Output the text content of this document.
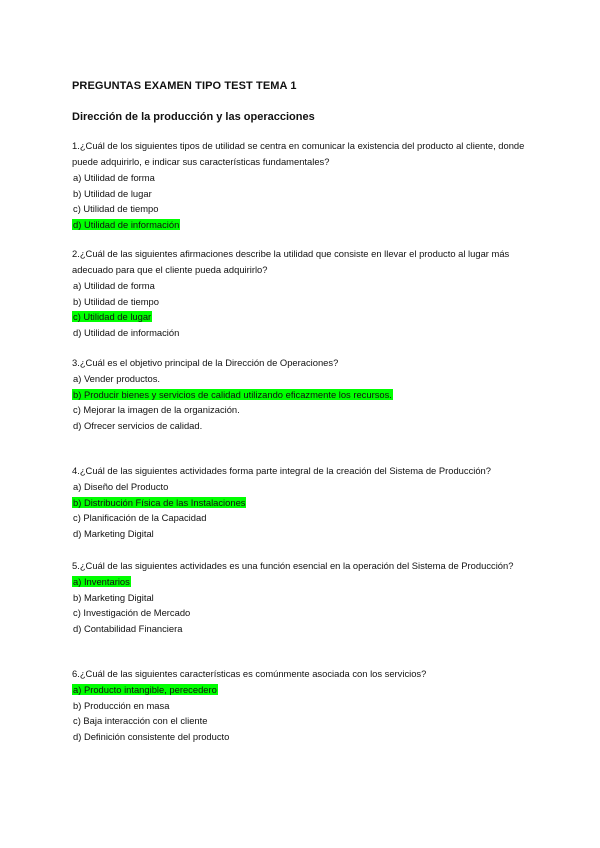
PREGUNTAS EXAMEN TIPO TEST TEMA 1
Dirección de la producción y las operacciones

1.¿Cuál de los siguientes tipos de utilidad se centra en comunicar la existencia del producto al cliente, donde puede adquirirlo, e indicar sus características fundamentales?

a) Utilidad de forma
b) Utilidad de lugar
c) Utilidad de tiempo
d) Utilidad de información

2.¿Cuál de las siguientes afirmaciones describe la utilidad que consiste en llevar el producto al lugar más adecuado para que el cliente pueda adquirirlo?

a) Utilidad de forma
b) Utilidad de tiempo
c) Utilidad de lugar
d) Utilidad de información

3.¿Cuál es el objetivo principal de la Dirección de Operaciones?

a) Vender productos.
b) Producir bienes y servicios de calidad utilizando eficazmente los recursos.
c) Mejorar la imagen de la organización.
d) Ofrecer servicios de calidad.

4.¿Cuál de las siguientes actividades forma parte integral de la creación del Sistema de Producción?

a) Diseño del Producto
b) Distribución Física de las Instalaciones
c) Planificación de la Capacidad
d) Marketing Digital

5.¿Cuál de las siguientes actividades es una función esencial en la operación del Sistema de Producción?

a) Inventarios
b) Marketing Digital
c) Investigación de Mercado
d) Contabilidad Financiera

6.¿Cuál de las siguientes características es comúnmente asociada con los servicios?

a) Producto intangible, perecedero
b) Producción en masa
c) Baja interacción con el cliente
d) Definición consistente del producto
